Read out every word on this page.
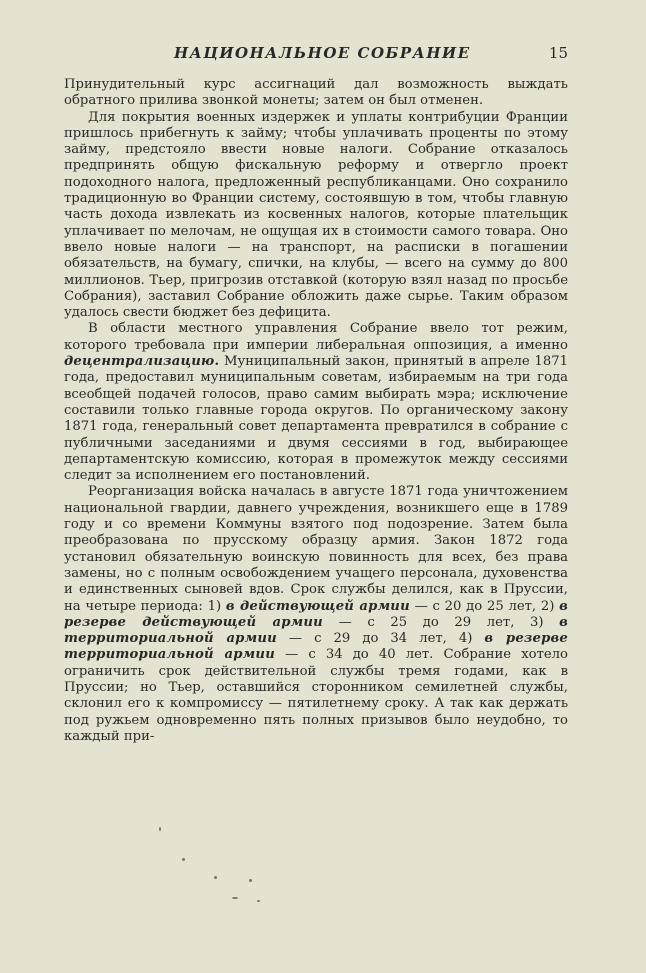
НАЦИОНАЛЬНОЕ СОБРАНИЕ	15

Принудительный курс ассигнаций дал возможность выждать обратного прилива звонкой монеты; затем он был отменен.

Для покрытия военных издержек и уплаты контрибуции Франции пришлось прибегнуть к займу; чтобы уплачивать проценты по этому займу, предстояло ввести новые налоги. Собрание отказалось предпринять общую фискальную реформу и отвергло проект подоходного налога, предложенный республиканцами. Оно сохранило традиционную во Франции систему, состоявшую в том, чтобы главную часть дохода извлекать из косвенных налогов, которые плательщик уплачивает по мелочам, не ощущая их в стоимости самого товара. Оно ввело новые налоги — на транспорт, на расписки в погашении обязательств, на бумагу, спички, на клубы, — всего на сумму до 800 миллионов. Тьер, пригрозив отставкой (которую взял назад по просьбе Собрания), заставил Собрание обложить даже сырье. Таким образом удалось свести бюджет без дефицита.

В области местного управления Собрание ввело тот режим, которого требовала при империи либеральная оппозиция, а именно децентрализацию. Муниципальный закон, принятый в апреле 1871 года, предоставил муниципальным советам, избираемым на три года всеобщей подачей голосов, право самим выбирать мэра; исключение составили только главные города округов. По органическому закону 1871 года, генеральный совет департамента превратился в собрание с публичными заседаниями и двумя сессиями в год, выбирающее департаментскую комиссию, которая в промежуток между сессиями следит за исполнением его постановлений.

Реорганизация войска началась в августе 1871 года уничтожением национальной гвардии, давнего учреждения, возникшего еще в 1789 году и со времени Коммуны взятого под подозрение. Затем была преобразована по прусскому образцу армия. Закон 1872 года установил обязательную воинскую повинность для всех, без права замены, но с полным освобождением учащего персонала, духовенства и единственных сыновей вдов. Срок службы делился, как в Пруссии, на четыре периода: 1) в действующей армии — с 20 до 25 лет, 2) в резерве действующей армии — с 25 до 29 лет, 3) в территориальной армии — с 29 до 34 лет, 4) в резерве территориальной армии — с 34 до 40 лет. Собрание хотело ограничить срок действительной службы тремя годами, как в Пруссии; но Тьер, оставшийся сторонником семилетней службы, склонил его к компромиссу — пятилетнему сроку. А так как держать под ружьем одновременно пять полных призывов было неудобно, то каждый при-
